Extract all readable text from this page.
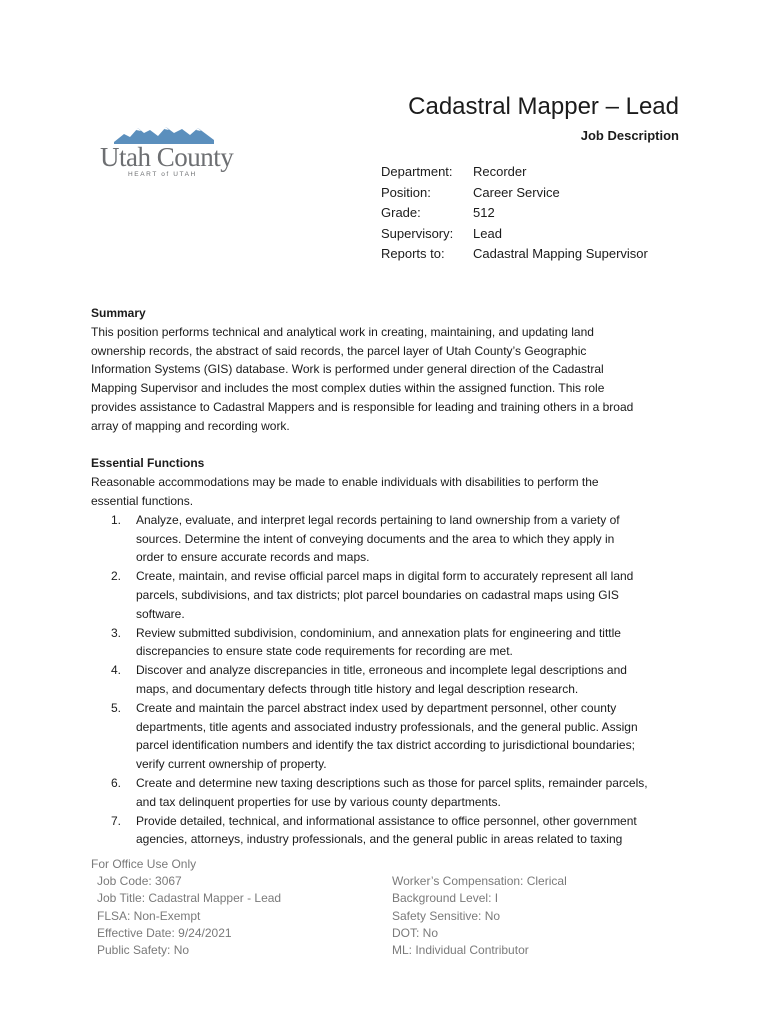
Utah County
HEART of UTAH
Cadastral Mapper – Lead
Job Description
Department: Recorder
Position:	Career Service
Grade:	512
Supervisory: Lead
Reports to: Cadastral Mapping Supervisor
Summary
This position performs technical and analytical work in creating, maintaining, and updating land
ownership records, the abstract of said records, the parcel layer of Utah County’s Geographic
Information Systems (GIS) database. Work is performed under general direction of the Cadastral
Mapping Supervisor and includes the most complex duties within the assigned function. This role
provides assistance to Cadastral Mappers and is responsible for leading and training others in a broad
array of mapping and recording work.
Essential Functions
Reasonable accommodations may be made to enable individuals with disabilities to perform the
essential functions.
1. Analyze, evaluate, and interpret legal records pertaining to land ownership from a variety of
sources. Determine the intent of conveying documents and the area to which they apply in
order to ensure accurate records and maps.
2. Create, maintain, and revise official parcel maps in digital form to accurately represent all land
parcels, subdivisions, and tax districts; plot parcel boundaries on cadastral maps using GIS
software.
3. Review submitted subdivision, condominium, and annexation plats for engineering and tittle
discrepancies to ensure state code requirements for recording are met.
4. Discover and analyze discrepancies in title, erroneous and incomplete legal descriptions and
maps, and documentary defects through title history and legal description research.
5. Create and maintain the parcel abstract index used by department personnel, other county
departments, title agents and associated industry professionals, and the general public. Assign
parcel identification numbers and identify the tax district according to jurisdictional boundaries;
verify current ownership of property.
6. Create and determine new taxing descriptions such as those for parcel splits, remainder parcels,
and tax delinquent properties for use by various county departments.
7. Provide detailed, technical, and informational assistance to office personnel, other government
agencies, attorneys, industry professionals, and the general public in areas related to taxing
For Office Use Only
Job Code: 3067
Job Title: Cadastral Mapper - Lead
FLSA: Non-Exempt
Effective Date: 9/24/2021
Public Safety: No
Worker’s Compensation: Clerical
Background Level: I
Safety Sensitive: No
DOT: No
ML: Individual Contributor
